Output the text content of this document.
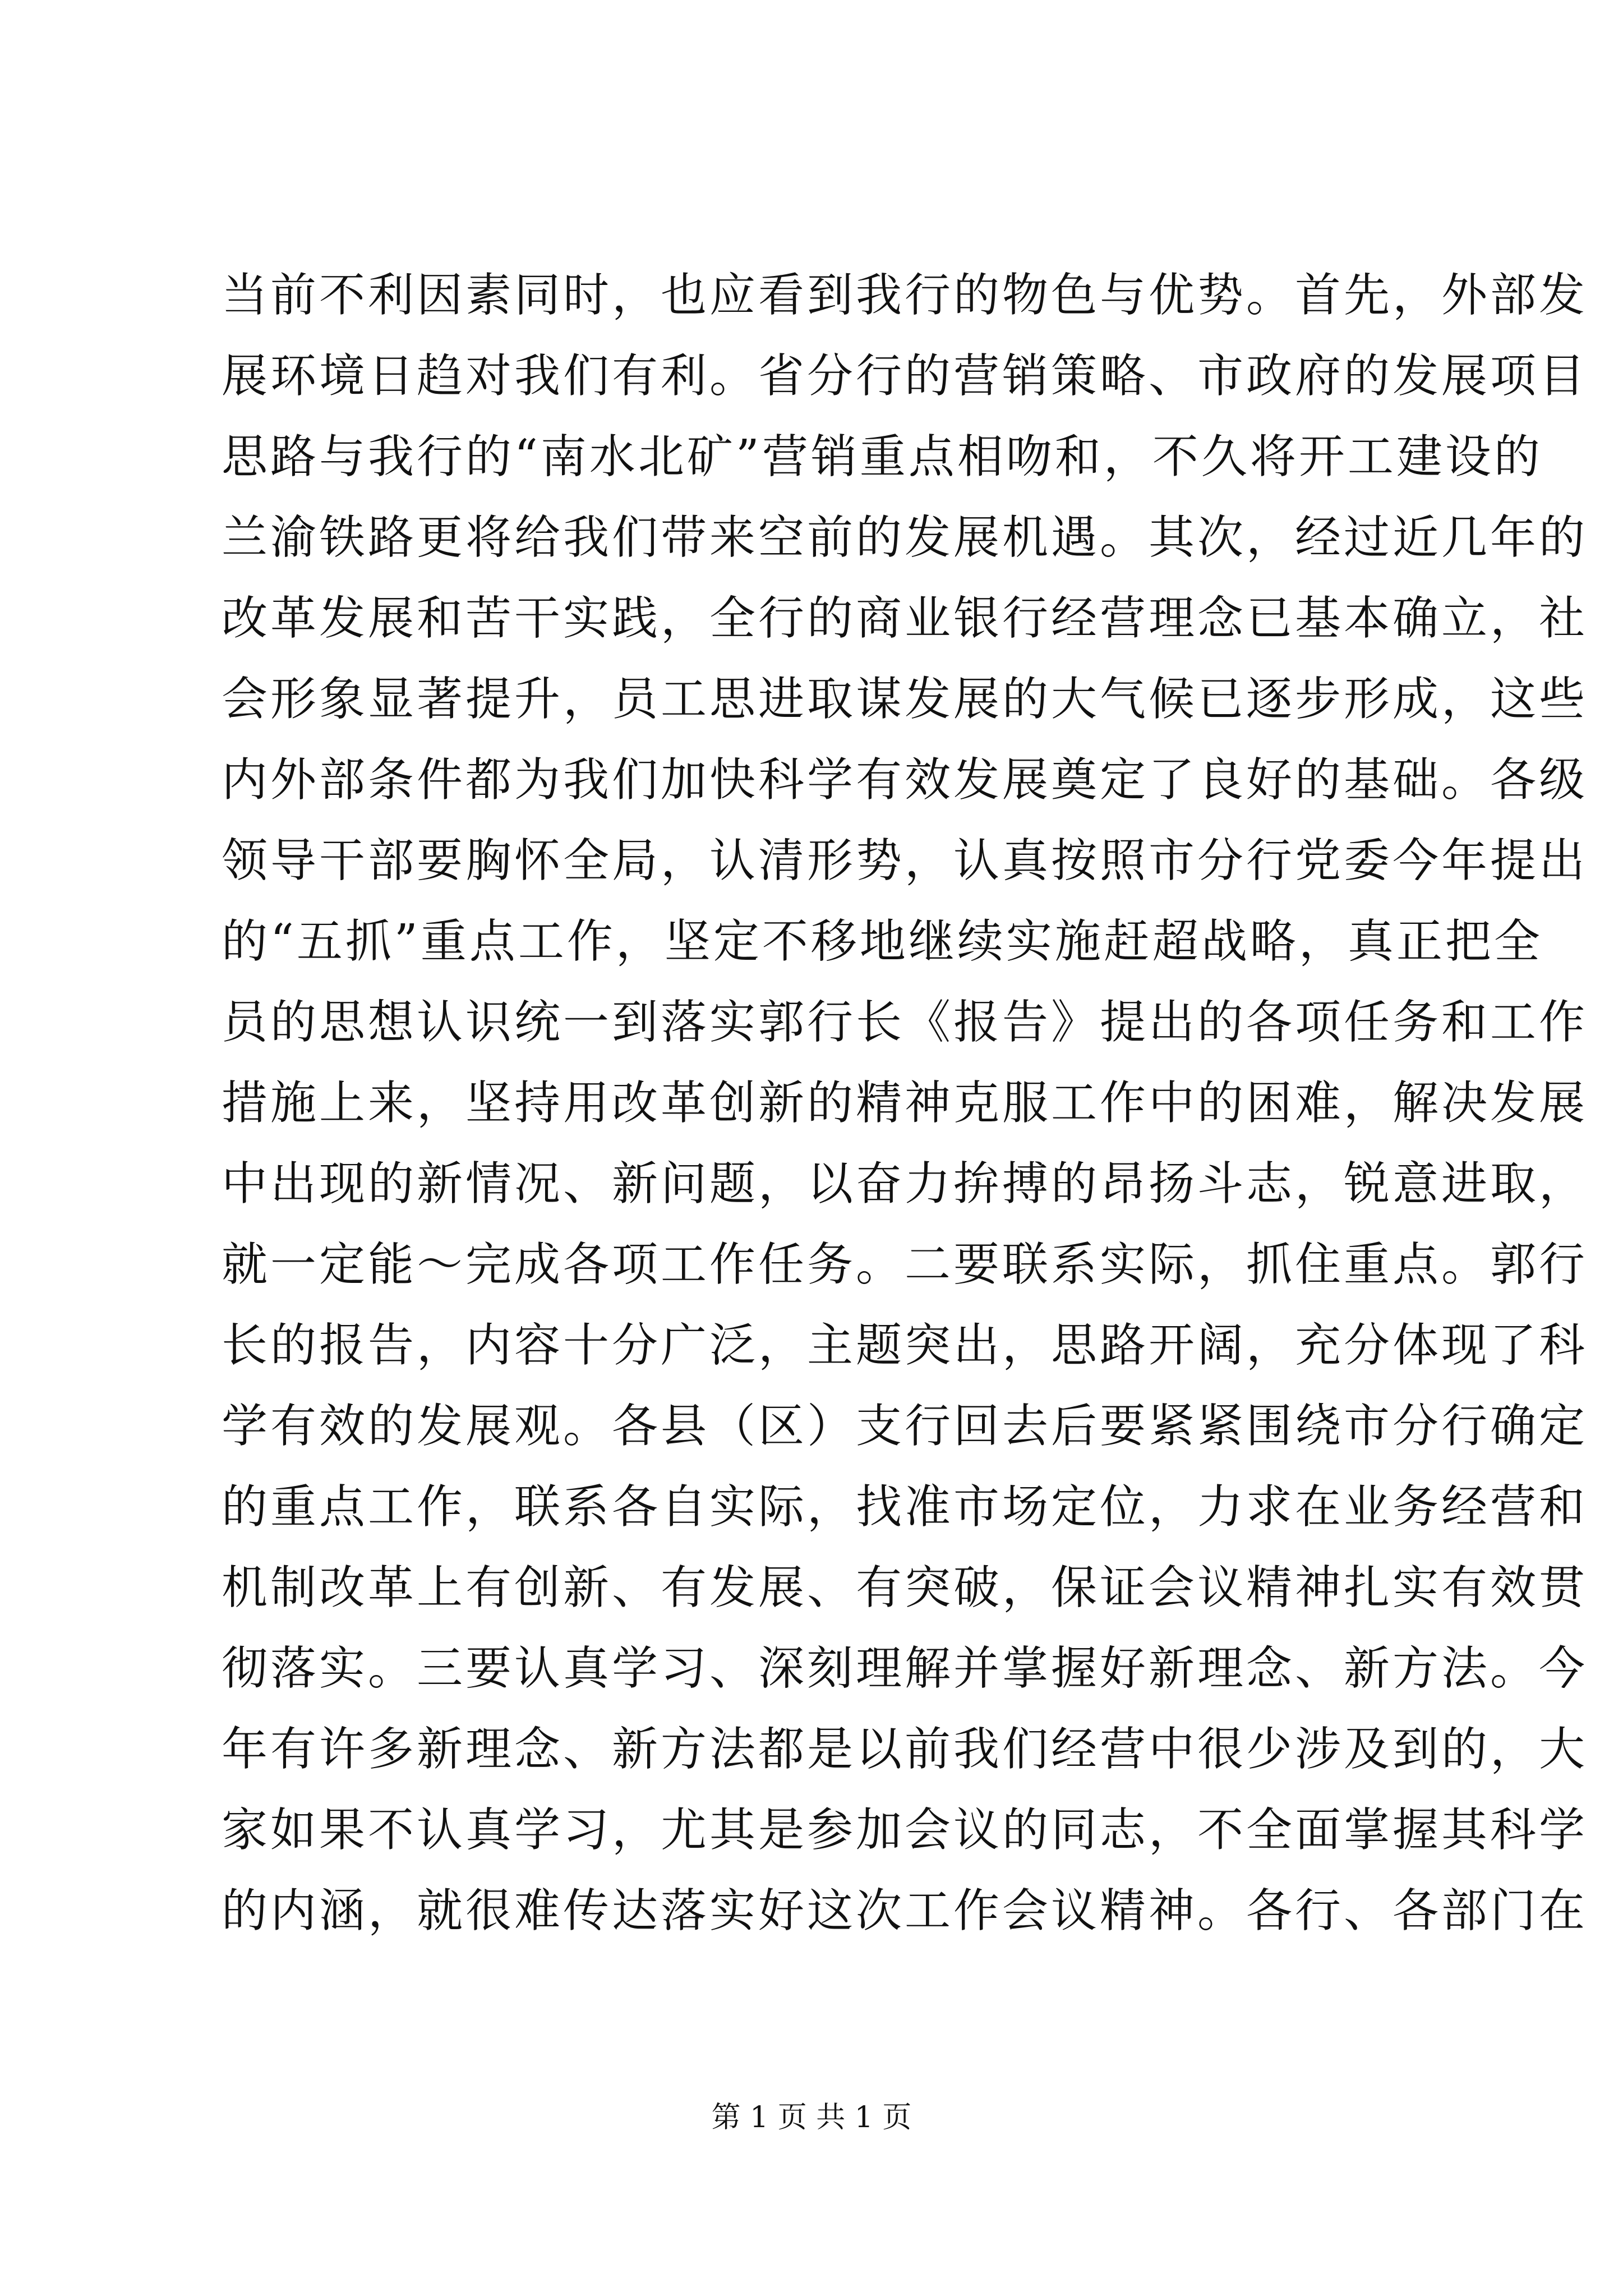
当前不利因素同时，也应看到我行的物色与优势。首先，外部发
展环境日趋对我们有利。省分行的营销策略、市政府的发展项目
思路与我行的“南水北矿”营销重点相吻和，不久将开工建设的
兰渝铁路更将给我们带来空前的发展机遇。其次，经过近几年的
改革发展和苦干实践，全行的商业银行经营理念已基本确立，社
会形象显著提升，员工思进取谋发展的大气候已逐步形成，这些
内外部条件都为我们加快科学有效发展奠定了良好的基础。各级
领导干部要胸怀全局，认清形势，认真按照市分行党委今年提出
的“五抓”重点工作，坚定不移地继续实施赶超战略，真正把全
员的思想认识统一到落实郭行长《报告》提出的各项任务和工作
措施上来，坚持用改革创新的精神克服工作中的困难，解决发展
中出现的新情况、新问题，以奋力拚搏的昂扬斗志，锐意进取，
就一定能～完成各项工作任务。二要联系实际，抓住重点。郭行
长的报告，内容十分广泛，主题突出，思路开阔，充分体现了科
学有效的发展观。各县（区）支行回去后要紧紧围绕市分行确定
的重点工作，联系各自实际，找准市场定位，力求在业务经营和
机制改革上有创新、有发展、有突破，保证会议精神扎实有效贯
彻落实。三要认真学习、深刻理解并掌握好新理念、新方法。今
年有许多新理念、新方法都是以前我们经营中很少涉及到的，大
家如果不认真学习，尤其是参加会议的同志，不全面掌握其科学
的内涵，就很难传达落实好这次工作会议精神。各行、各部门在
第 1 页 共 1 页
